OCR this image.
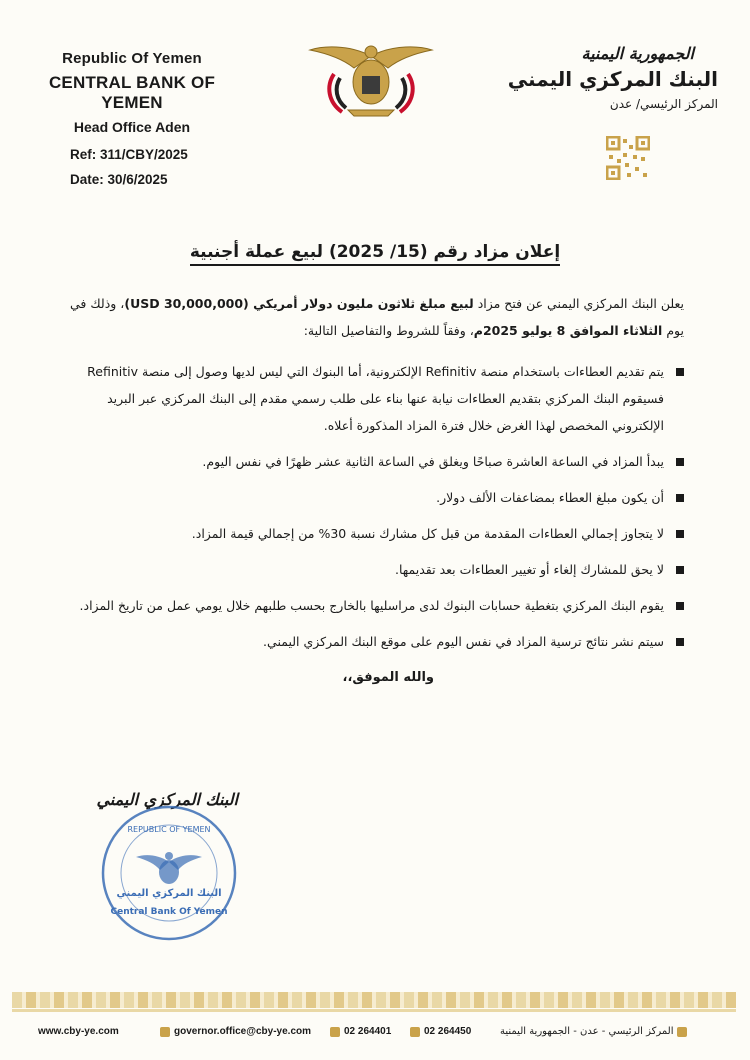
Republic Of Yemen
CENTRAL BANK OF YEMEN
Head Office Aden
Ref: 311/CBY/2025
Date: 30/6/2025
الجمهورية اليمنية
البنك المركزي اليمني
المركز الرئيسي/ عدن
إعلان مزاد رقم (15/ 2025) لبيع عملة أجنبية
يعلن البنك المركزي اليمني عن فتح مزاد لبيع مبلغ ثلاثون مليون دولار أمريكي (30,000,000 USD)، وذلك في يوم الثلاثاء الموافق 8 يوليو 2025م، وفقاً للشروط والتفاصيل التالية:
يتم تقديم العطاءات باستخدام منصة Refinitiv الإلكترونية، أما البنوك التي ليس لديها وصول إلى منصة Refinitiv فسيقوم البنك المركزي بتقديم العطاءات نيابة عنها بناء على طلب رسمي مقدم إلى البنك المركزي عبر البريد الإلكتروني المخصص لهذا الغرض خلال فترة المزاد المذكورة أعلاه.
يبدأ المزاد في الساعة العاشرة صباحًا ويغلق في الساعة الثانية عشر ظهرًا في نفس اليوم.
أن يكون مبلغ العطاء بمضاعفات الألف دولار.
لا يتجاوز إجمالي العطاءات المقدمة من قبل كل مشارك نسبة 30% من إجمالي قيمة المزاد.
لا يحق للمشارك إلغاء أو تغيير العطاءات بعد تقديمها.
يقوم البنك المركزي بتغطية حسابات البنوك لدى مراسليها بالخارج بحسب طلبهم خلال يومي عمل من تاريخ المزاد.
سيتم نشر نتائج ترسية المزاد في نفس اليوم على موقع البنك المركزي اليمني.
والله الموفق،،
البنك المركزي اليمني
REPUBLIC OF YEMEN
البنك المركزي اليمني
Central Bank Of Yemen
www.cby-ye.com	governor.office@cby-ye.com	02 264401	02 264450	المركز الرئيسي - عدن - الجمهورية اليمنية
